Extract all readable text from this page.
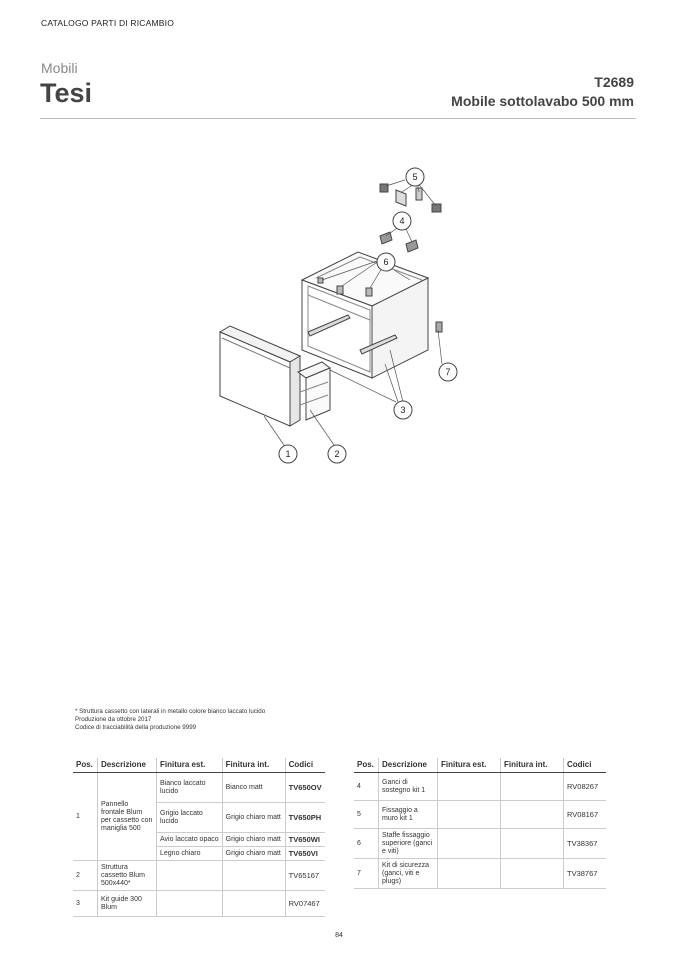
CATALOGO PARTI DI RICAMBIO
Mobili
Tesi	T2689
Mobile sottolavabo 500 mm
1	2
3
4
5
6
7
* Struttura cassetto con laterali in metallo colore bianco laccato lucido
Produzione da ottobre 2017
Codice di tracciabilità della produzione 9999
Pos.	Descrizione	Finitura est.	Finitura int.	Codici
1	Pannello frontale Blum per cassetto con maniglia 500	Bianco laccato lucido	Bianco matt	TV650OV
		Grigio laccato lucido	Grigio chiaro matt	TV650PH
		Avio laccato opaco	Grigio chiaro matt	TV650WI
		Legno chiaro	Grigio chiaro matt	TV650VI
2	Struttura cassetto Blum 500x440*			TV65167
3	Kit guide 300 Blum			RV07467
Pos.	Descrizione	Finitura est.	Finitura int.	Codici
4	Ganci di sostegno kit 1			RV08267
5	Fissaggio a muro kit 1			RV08167
6	Staffe fissaggio superiore (ganci e viti)			TV38367
7	Kit di sicurezza (ganci, viti e plugs)			TV38767
84
